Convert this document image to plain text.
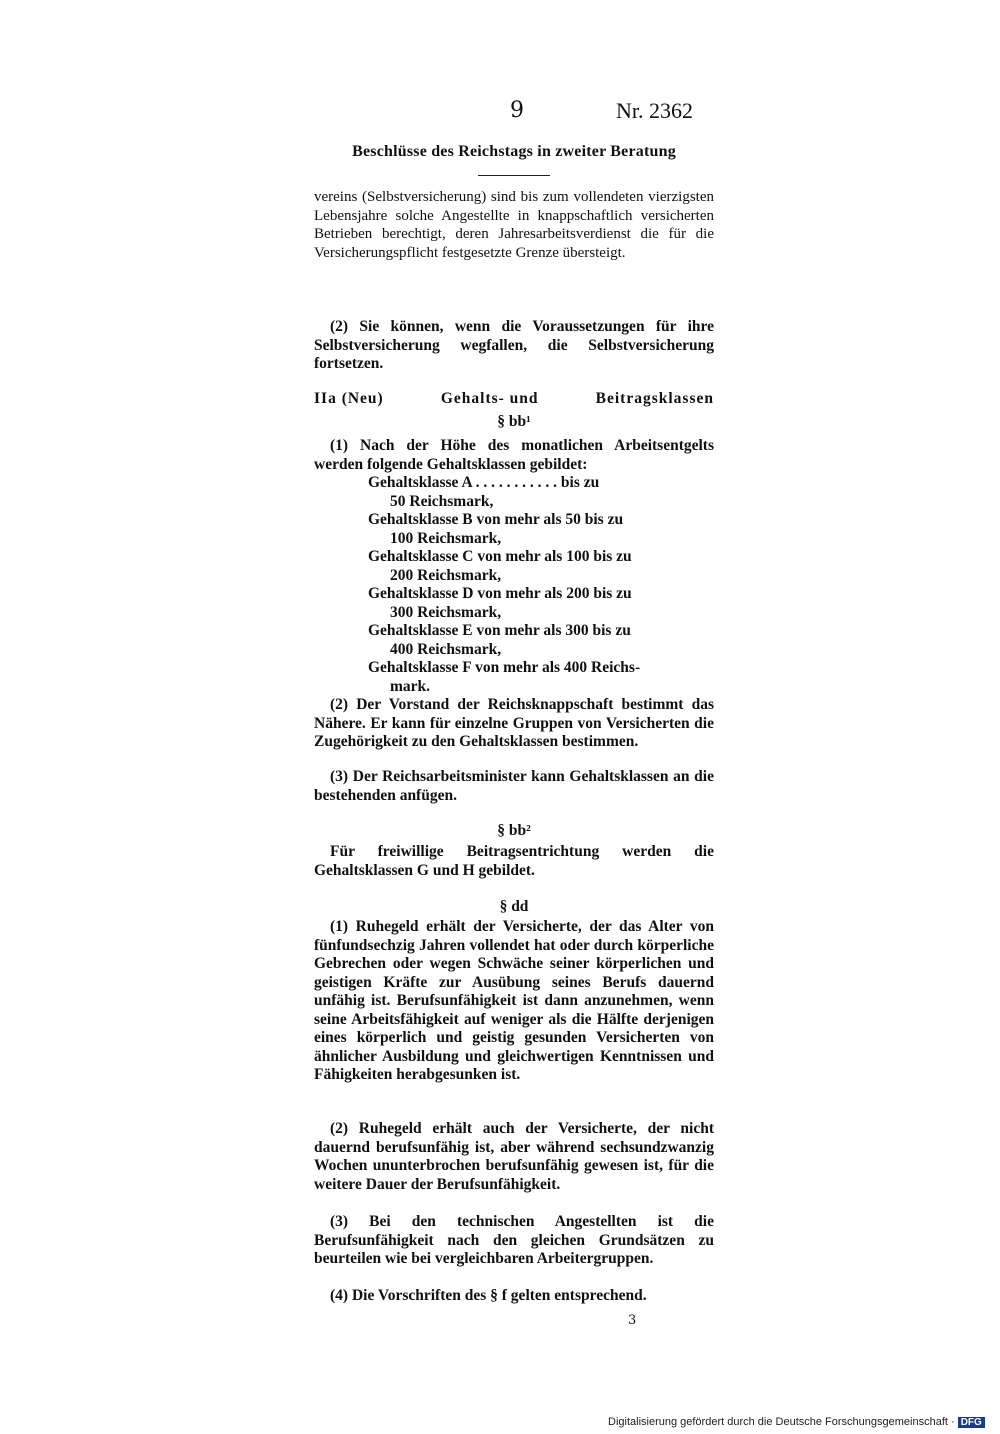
9	Nr. 2362
Beschlüsse des Reichstags in zweiter Beratung

vereins (Selbstversicherung) sind bis zum vollendeten vierzigsten Lebensjahre solche Angestellte in knappschaftlich versicherten Betrieben berechtigt, deren Jahresarbeitsverdienst die für die Versicherungspflicht festgesetzte Grenze übersteigt.

(2) Sie können, wenn die Voraussetzungen für ihre Selbstversicherung wegfallen, die Selbstversicherung fortsetzen.

IIa (Neu)	Gehalts- und	Beitragsklassen
§ bb¹

(1) Nach der Höhe des monatlichen Arbeitsentgelts werden folgende Gehaltsklassen gebildet:

Gehaltsklasse A . . . . . . . . . . . bis zu
50 Reichsmark,
Gehaltsklasse B von mehr als 50 bis zu
100 Reichsmark,
Gehaltsklasse C von mehr als 100 bis zu
200 Reichsmark,
Gehaltsklasse D von mehr als 200 bis zu
300 Reichsmark,
Gehaltsklasse E von mehr als 300 bis zu
400 Reichsmark,
Gehaltsklasse F von mehr als 400 Reichs-
mark.

(2) Der Vorstand der Reichsknappschaft bestimmt das Nähere. Er kann für einzelne Gruppen von Versicherten die Zugehörigkeit zu den Gehaltsklassen bestimmen.

(3) Der Reichsarbeitsminister kann Gehaltsklassen an die bestehenden anfügen.

§ bb²

Für freiwillige Beitragsentrichtung werden die Gehaltsklassen G und H gebildet.

§ dd

(1) Ruhegeld erhält der Versicherte, der das Alter von fünfundsechzig Jahren vollendet hat oder durch körperliche Gebrechen oder wegen Schwäche seiner körperlichen und geistigen Kräfte zur Ausübung seines Berufs dauernd unfähig ist. Berufsunfähigkeit ist dann anzunehmen, wenn seine Arbeitsfähigkeit auf weniger als die Hälfte derjenigen eines körperlich und geistig gesunden Versicherten von ähnlicher Ausbildung und gleichwertigen Kenntnissen und Fähigkeiten herabgesunken ist.

(2) Ruhegeld erhält auch der Versicherte, der nicht dauernd berufsunfähig ist, aber während sechsundzwanzig Wochen ununterbrochen berufsunfähig gewesen ist, für die weitere Dauer der Berufsunfähigkeit.

(3) Bei den technischen Angestellten ist die Berufsunfähigkeit nach den gleichen Grundsätzen zu beurteilen wie bei vergleichbaren Arbeitergruppen.

(4) Die Vorschriften des § f gelten entsprechend.

3
Digitalisierung gefördert durch die Deutsche Forschungsgemeinschaft · DFG
